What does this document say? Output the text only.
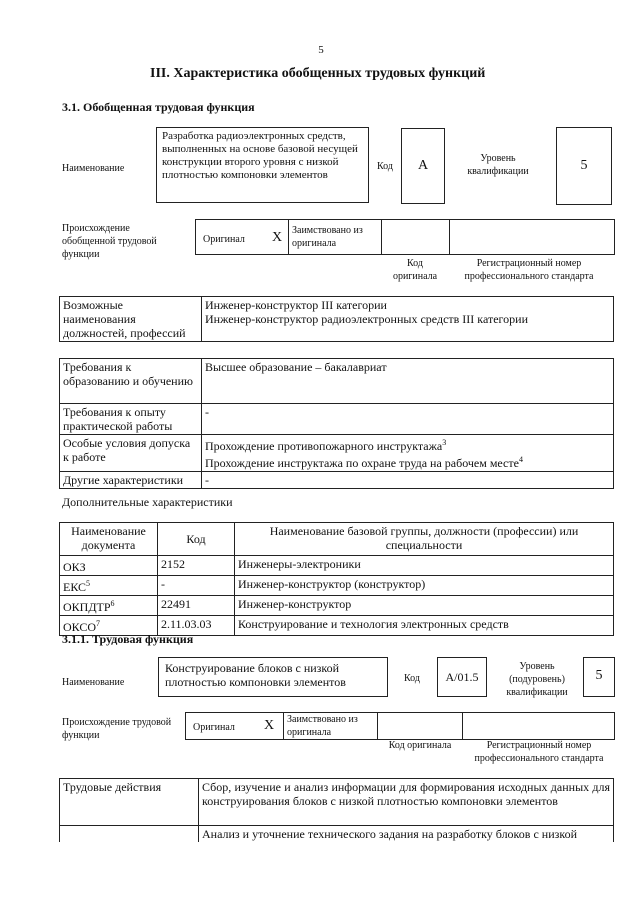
5
III. Характеристика обобщенных трудовых функций
3.1. Обобщенная трудовая функция
Наименование
Разработка радиоэлектронных средств, выполненных на основе базовой несущей конструкции второго уровня с низкой плотностью компоновки элементов
Код	А	Уровень квалификации	5
Происхождение обобщенной трудовой функции
Оригинал Х Заимствовано из оригинала
Код оригинала
Регистрационный номер профессионального стандарта
Возможные наименования должностей, профессий	
Инженер-конструктор III категории
Инженер-конструктор радиоэлектронных средств III категории
Требования к образованию и обучению	Высшее образование – бакалавриат
Требования к опыту практической работы	-
Особые условия допуска к работе	Прохождение противопожарного инструктажа$^3$
Прохождение инструктажа по охране труда на рабочем месте$^4$

Другие характеристики	-
Дополнительные характеристики
Наименование документа	Код	Наименование базовой группы, должности (профессии) или специальности
ОКЗ	2152	Инженеры-электроники
ЕКС$^5$	-	Инженер-конструктор (конструктор)
ОКПДТР$^6$	22491	Инженер-конструктор
ОКСО$^7$	2.11.03.03	Конструирование и технология электронных средств
3.1.1. Трудовая функция
Наименование
Конструирование блоков с низкой плотностью компоновки элементов	Код	A/01.5
Уровень (подуровень) квалификации
5
Происхождение трудовой функции
Оригинал Х Заимствовано из оригинала
Код оригинала	Регистрационный номер профессионального стандарта
Трудовые действия	Сбор, изучение и анализ информации для формирования исходных данных для конструирования блоков с низкой плотностью компоновки элементов
	Анализ и уточнение технического задания на разработку блоков с низкой
